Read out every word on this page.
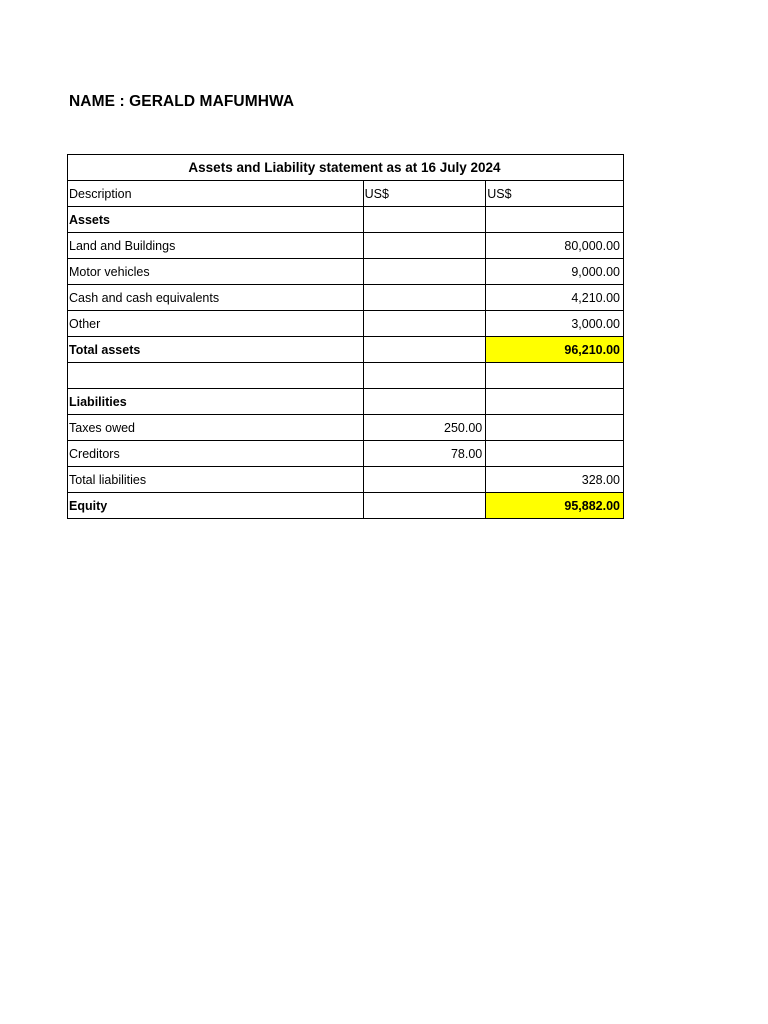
NAME : GERALD MAFUMHWA
Assets and Liability statement as at 16 July 2024		
Description	US$	US$
Assets		
Land and Buildings		80,000.00
Motor vehicles		9,000.00
Cash and cash equivalents		4,210.00
Other		3,000.00
Total assets		96,210.00

Liabilities		
Taxes owed	250.00	
Creditors	78.00	
Total liabilities		328.00
Equity		95,882.00
